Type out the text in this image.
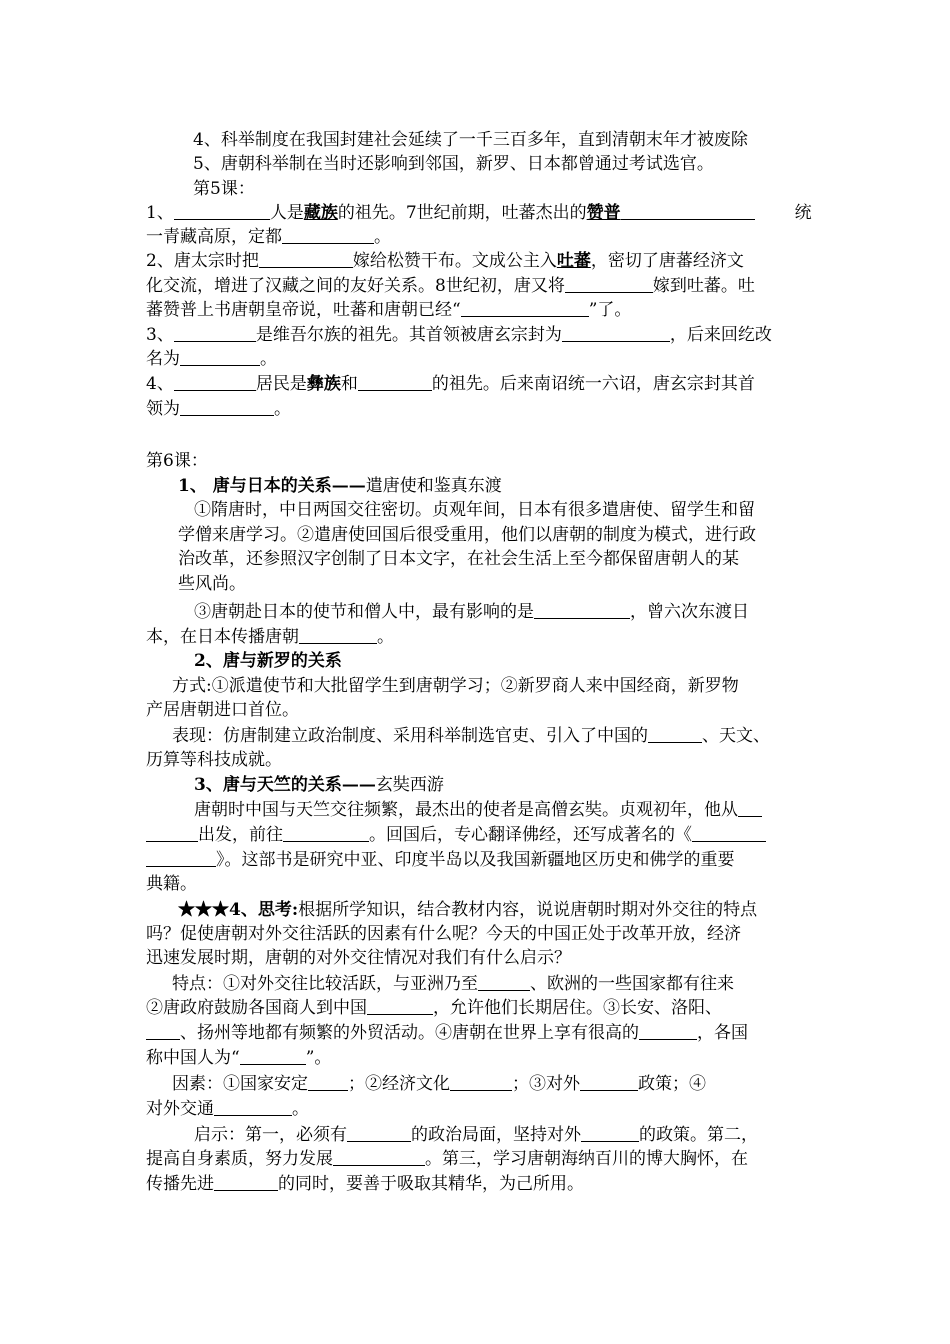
4、科举制度在我国封建社会延续了一千三百多年，直到清朝末年才被废除
5、唐朝科举制在当时还影响到邻国，新罗、日本都曾通过考试选官。
第5课：
1、	人是藏族的祖先。7世纪前期，吐蕃杰出的赞普	统
一青藏高原，定都	。
2、唐太宗时把	嫁给松赞干布。文成公主入吐蕃，密切了唐蕃经济文
化交流，增进了汉藏之间的友好关系。8世纪初，唐又将	嫁到吐蕃。吐
蕃赞普上书唐朝皇帝说，吐蕃和唐朝已经“	”了。
3、	是维吾尔族的祖先。其首领被唐玄宗封为	，后来回纥改
名为	。
4、	居民是彝族和	的祖先。后来南诏统一六诏，唐玄宗封其首
领为	。
第6课：
1、 唐与日本的关系——遣唐使和鉴真东渡
①隋唐时，中日两国交往密切。贞观年间，日本有很多遣唐使、留学生和留
学僧来唐学习。②遣唐使回国后很受重用，他们以唐朝的制度为模式，进行政
治改革，还参照汉字创制了日本文字，在社会生活上至今都保留唐朝人的某
些风尚。
③唐朝赴日本的使节和僧人中，最有影响的是	，曾六次东渡日
本，在日本传播唐朝	。
2、唐与新罗的关系
方式:①派遣使节和大批留学生到唐朝学习；②新罗商人来中国经商，新罗物
产居唐朝进口首位。
表现：仿唐制建立政治制度、采用科举制选官吏、引入了中国的	、天文、
历算等科技成就。
3、唐与天竺的关系——玄奘西游
唐朝时中国与天竺交往频繁，最杰出的使者是高僧玄奘。贞观初年，他从
出发，前往	。回国后，专心翻译佛经，还写成著名的《
》。这部书是研究中亚、印度半岛以及我国新疆地区历史和佛学的重要
典籍。
★★★4、思考:根据所学知识，结合教材内容，说说唐朝时期对外交往的特点
吗？促使唐朝对外交往活跃的因素有什么呢？今天的中国正处于改革开放，经济
迅速发展时期，唐朝的对外交往情况对我们有什么启示？
特点：①对外交往比较活跃，与亚洲乃至	、欧洲的一些国家都有往来
②唐政府鼓励各国商人到中国	，允许他们长期居住。③长安、洛阳、
、扬州等地都有频繁的外贸活动。④唐朝在世界上享有很高的	，各国
称中国人为“	”。
因素：①国家安定 ；②经济文化	；③对外	政策；④
对外交通	。
启示：第一，必须有	的政治局面，坚持对外	的政策。第二，
提高自身素质，努力发展	。第三，学习唐朝海纳百川的博大胸怀，在
传播先进	的同时，要善于吸取其精华，为己所用。
